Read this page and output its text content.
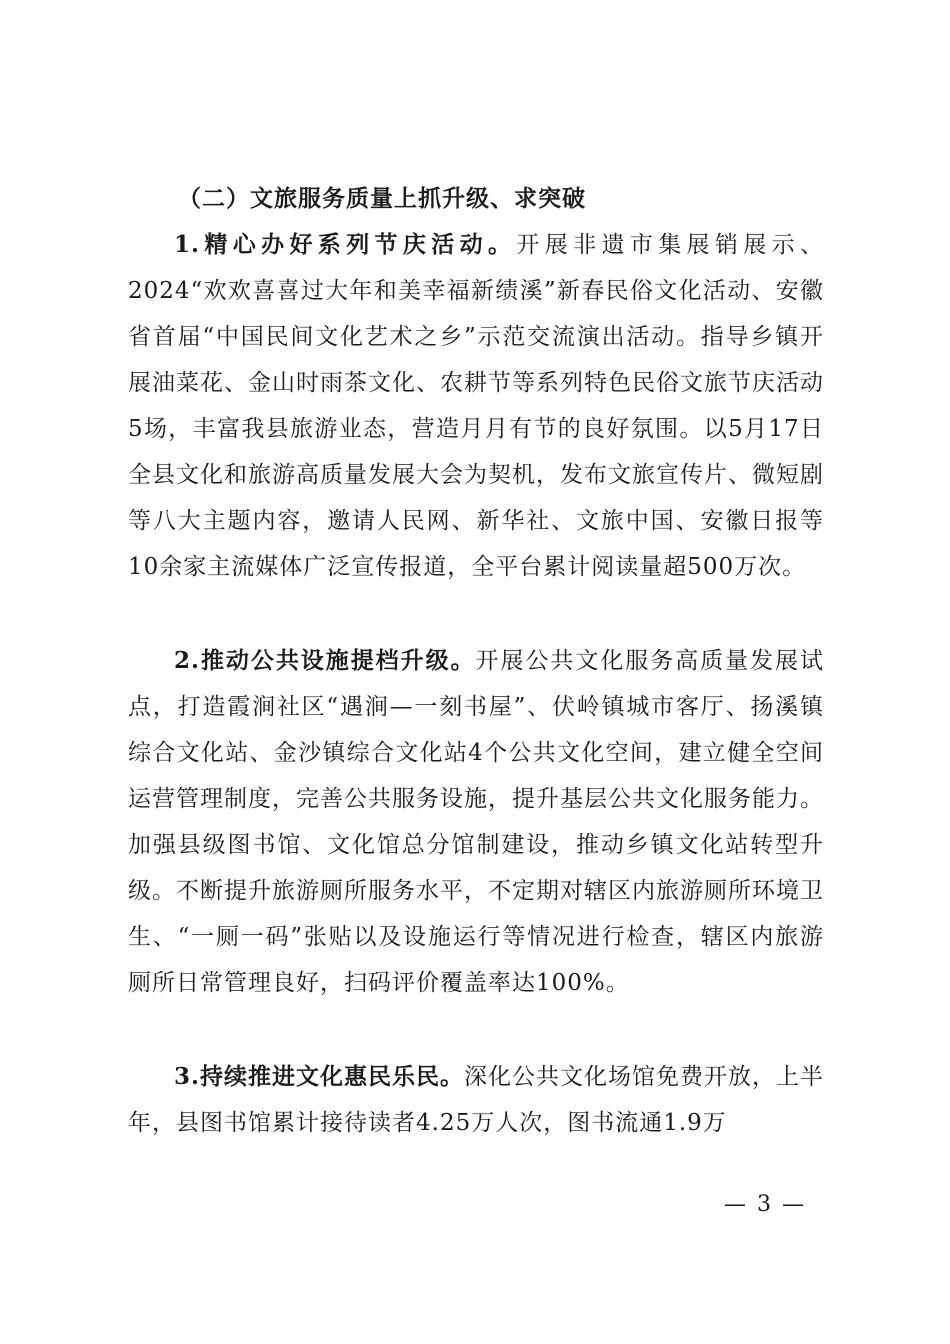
（二）文旅服务质量上抓升级、求突破

1.精心办好系列节庆活动。开展非遗市集展销展示、2024“欢欢喜喜过大年和美幸福新绩溪”新春民俗文化活动、安徽省首届“中国民间文化艺术之乡”示范交流演出活动。指导乡镇开展油菜花、金山时雨茶文化、农耕节等系列特色民俗文旅节庆活动5场，丰富我县旅游业态，营造月月有节的良好氛围。以5月17日全县文化和旅游高质量发展大会为契机，发布文旅宣传片、微短剧等八大主题内容，邀请人民网、新华社、文旅中国、安徽日报等10余家主流媒体广泛宣传报道，全平台累计阅读量超500万次。

2.推动公共设施提档升级。开展公共文化服务高质量发展试点，打造霞涧社区“遇涧—一刻书屋”、伏岭镇城市客厅、扬溪镇综合文化站、金沙镇综合文化站4个公共文化空间，建立健全空间运营管理制度，完善公共服务设施，提升基层公共文化服务能力。加强县级图书馆、文化馆总分馆制建设，推动乡镇文化站转型升级。不断提升旅游厕所服务水平，不定期对辖区内旅游厕所环境卫生、“一厕一码”张贴以及设施运行等情况进行检查，辖区内旅游厕所日常管理良好，扫码评价覆盖率达100%。

3.持续推进文化惠民乐民。深化公共文化场馆免费开放，上半年，县图书馆累计接待读者4.25万人次，图书流通1.9万

— 3 —
